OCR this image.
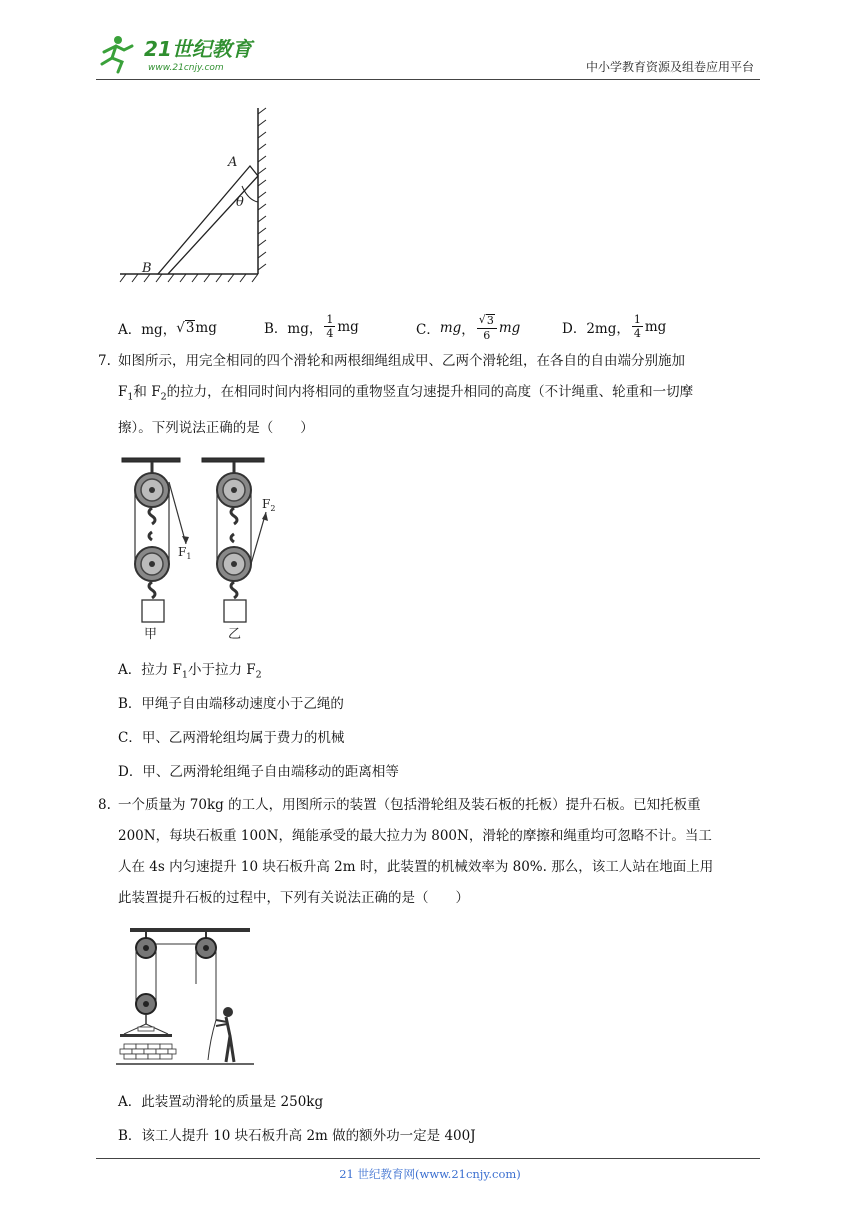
21世纪教育
www.21cnjy.com	中小学教育资源及组卷应用平台
A
B
θ
A．mg， √ 3 mg	B．mg， $\frac{1}{4}$ mg	C． mg ， $\frac{√ 3}{6}$ mg	D．2mg， $\frac{1}{4}$ mg
7. 如图所示，用完全相同的四个滑轮和两根细绳组成甲、乙两个滑轮组，在各自的自由端分别施加
$F_1$和 $F_2$的拉力，在相同时间内将相同的重物竖直匀速提升相同的高度（不计绳重、轮重和一切摩
擦）。下列说法正确的是（　　）
$F_1$
甲
$F_2$
乙
A．拉力 $F_1$小于拉力 $F_2$
B．甲绳子自由端移动速度小于乙绳的
C．甲、乙两滑轮组均属于费力的机械
D．甲、乙两滑轮组绳子自由端移动的距离相等
8. 一个质量为 70kg 的工人，用图所示的装置（包括滑轮组及装石板的托板）提升石板。已知托板重
200N，每块石板重 100N，绳能承受的最大拉力为 800N，滑轮的摩擦和绳重均可忽略不计。当工
人在 4s 内匀速提升 10 块石板升高 2m 时，此装置的机械效率为 80%. 那么，该工人站在地面上用
此装置提升石板的过程中，下列有关说法正确的是（　　）
A．此装置动滑轮的质量是 250kg
B．该工人提升 10 块石板升高 2m 做的额外功一定是 400J
21 世纪教育网(www.21cnjy.com)
